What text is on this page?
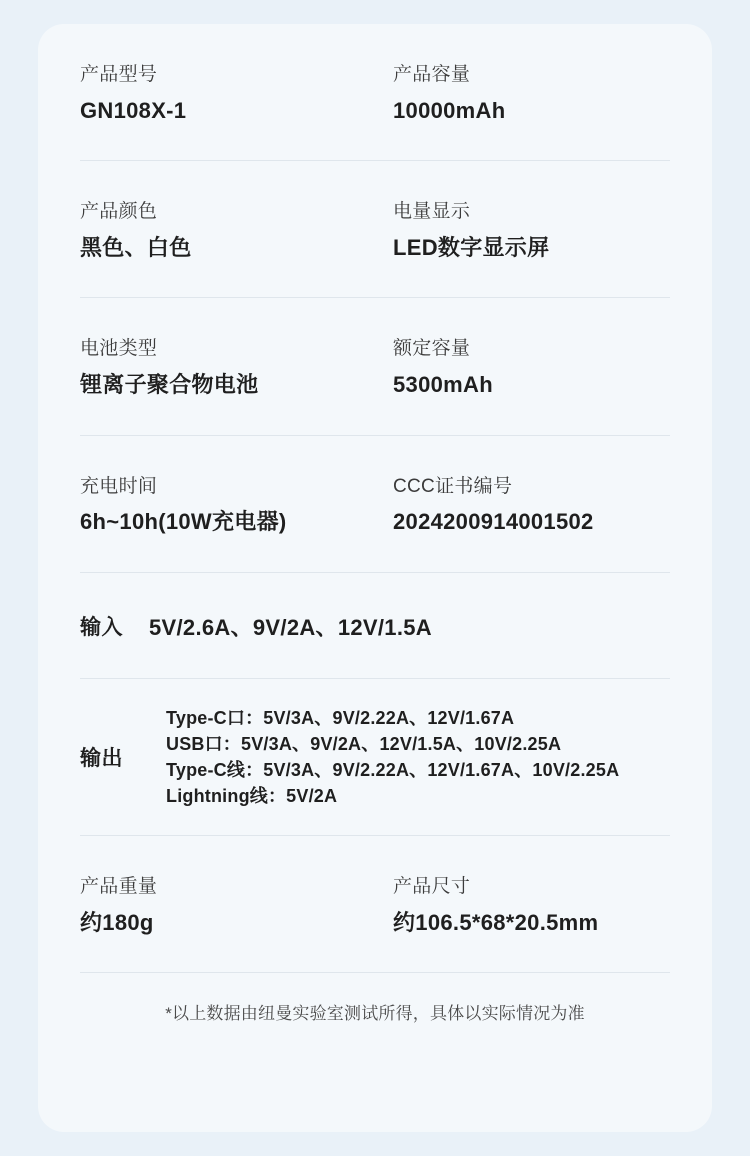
产品型号
GN108X-1
产品容量
10000mAh
产品颜色
黑色、白色
电量显示
LED数字显示屏
电池类型
锂离子聚合物电池
额定容量
5300mAh
充电时间
6h~10h(10W充电器)
CCC证书编号
2024200914001502
输入 5V/2.6A、9V/2A、12V/1.5A
输出
Type-C口：5V/3A、9V/2.22A、12V/1.67A
USB口：5V/3A、9V/2A、12V/1.5A、10V/2.25A
Type-C线：5V/3A、9V/2.22A、12V/1.67A、10V/2.25A
Lightning线：5V/2A
产品重量
约180g
产品尺寸
约106.5*68*20.5mm
*以上数据由纽曼实验室测试所得，具体以实际情况为准
